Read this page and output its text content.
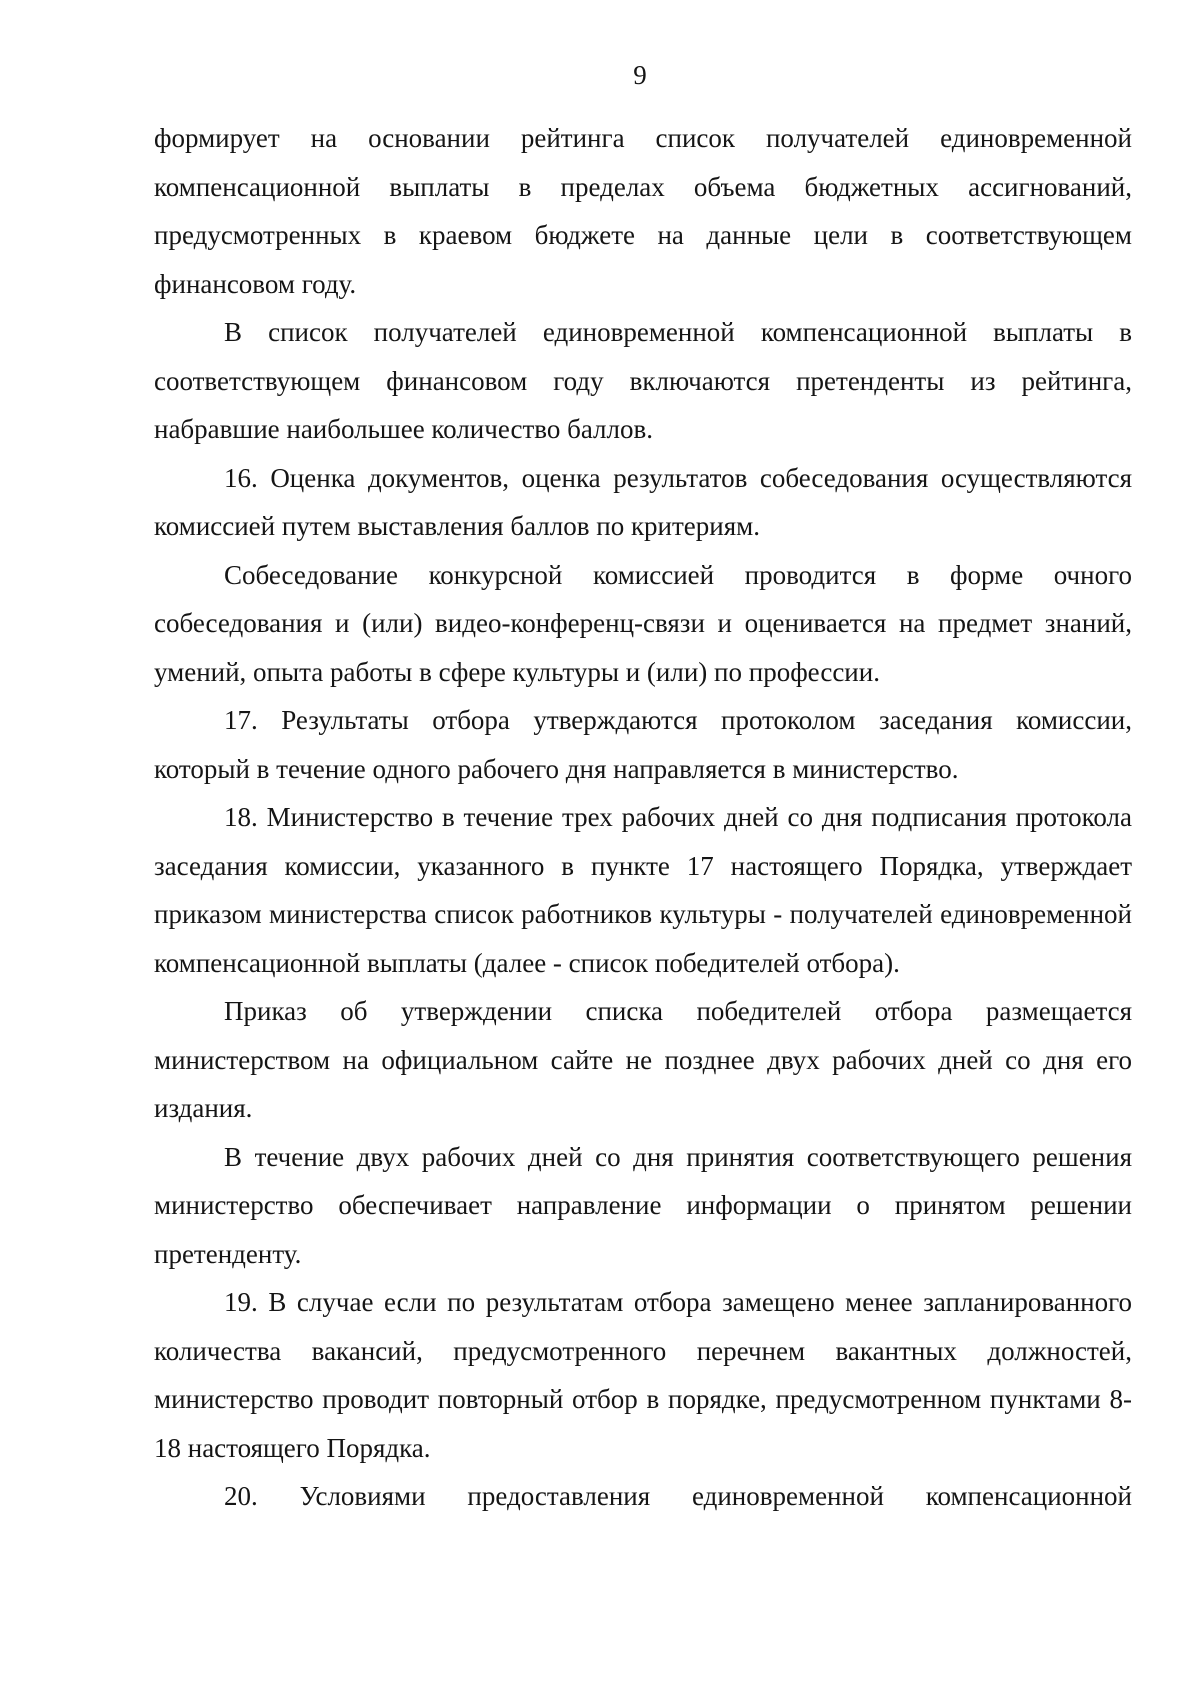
9

формирует на основании рейтинга список получателей единовременной компенсационной выплаты в пределах объема бюджетных ассигнований, предусмотренных в краевом бюджете на данные цели в соответствующем финансовом году.

В список получателей единовременной компенсационной выплаты в соответствующем финансовом году включаются претенденты из рейтинга, набравшие наибольшее количество баллов.

16. Оценка документов, оценка результатов собеседования осуществляются комиссией путем выставления баллов по критериям.

Собеседование конкурсной комиссией проводится в форме очного собеседования и (или) видео-конференц-связи и оценивается на предмет знаний, умений, опыта работы в сфере культуры и (или) по профессии.

17. Результаты отбора утверждаются протоколом заседания комиссии, который в течение одного рабочего дня направляется в министерство.

18. Министерство в течение трех рабочих дней со дня подписания протокола заседания комиссии, указанного в пункте 17 настоящего Порядка, утверждает приказом министерства список работников культуры - получателей единовременной компенсационной выплаты (далее - список победителей отбора).

Приказ об утверждении списка победителей отбора размещается министерством на официальном сайте не позднее двух рабочих дней со дня его издания.

В течение двух рабочих дней со дня принятия соответствующего решения министерство обеспечивает направление информации о принятом решении претенденту.

19. В случае если по результатам отбора замещено менее запланированного количества вакансий, предусмотренного перечнем вакантных должностей, министерство проводит повторный отбор в порядке, предусмотренном пунктами 8-18 настоящего Порядка.

20. Условиями предоставления единовременной компенсационной
